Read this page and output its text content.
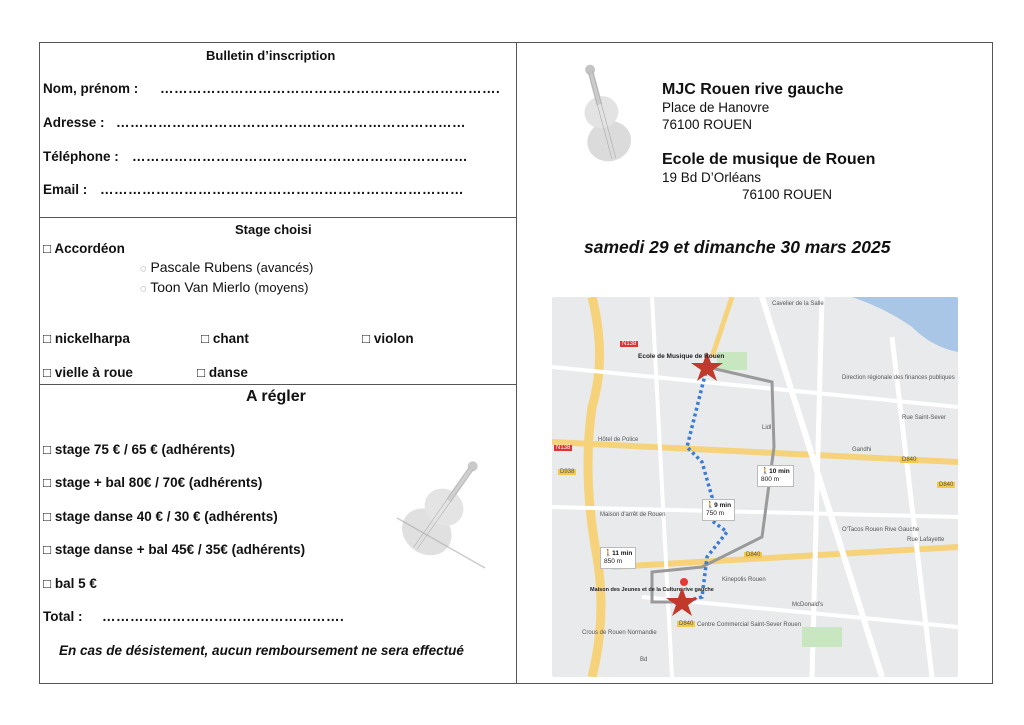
Bulletin d’inscription
Nom, prénom : ……………………………………………………………….
Adresse : …………………………………………………………………
Téléphone : ………………………………………………………………
Email : ……………………………………………………………………
Stage choisi
□ Accordéon
◌ Pascale Rubens (avancés)
◌ Toon Van Mierlo (moyens)
□ nickelharpa	□ chant	□ violon
□ vielle à roue	□ danse
A régler
□ stage 75 € / 65 € (adhérents)
□ stage + bal 80€ / 70€ (adhérents)
□ stage danse 40 € / 30 € (adhérents)
□ stage danse + bal 45€ / 35€ (adhérents)
□ bal 5 €
Total : …………………………………………….
En cas de désistement, aucun remboursement ne sera effectué
MJC Rouen rive gauche
Place de Hanovre
76100 ROUEN
Ecole de musique de Rouen
19 Bd D’Orléans
76100 ROUEN
samedi 29 et dimanche 30 mars 2025
Ecole de Musique de Rouen
Hôtel de Police
Maison d'arrêt de Rouen
Maison des Jeunes et de la Culture rive gauche
Direction régionale des finances publiques
Lidl
Gandhi
O'Tacos Rouen Rive Gauche
Kinepolis Rouen
McDonald's
Centre Commercial Saint-Sever Rouen
Crous de Rouen Normandie
Cavelier de la Salle
Rue Saint-Sever
Rue Lafayette
Bd
N138
N138
D938
D840
D840
D840
D840
🚶10 min
800 m
🚶9 min
750 m
🚶11 min
850 m
